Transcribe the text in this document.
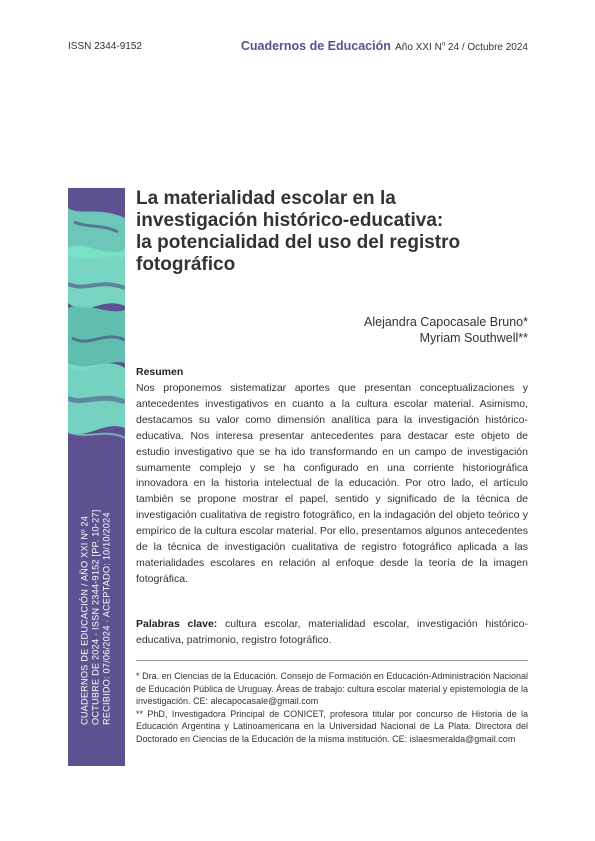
ISSN 2344-9152	Cuadernos de Educación Año XXI $N^o$ 24 / Octubre 2024
CUADERNOS DE EDUCACIÓN / AÑO XXI Nº 24 OCTUBRE DE 2024 · ISSN 2344-9152 [PP. 10-27] RECIBIDO: 07/06/2024 · ACEPTADO: 10/10/2024
La materialidad escolar en la
investigación histórico-educativa:
la potencialidad del uso del registro
fotográfico
Alejandra Capocasale Bruno*
Myriam Southwell**
Resumen

Nos proponemos sistematizar aportes que presentan conceptualizaciones y antecedentes investigativos en cuanto a la cultura escolar material. Asimismo, destacamos su valor como dimensión analítica para la investigación histórico-educativa. Nos interesa presentar antecedentes para destacar este objeto de estudio investigativo que se ha ido transformando en un campo de investigación sumamente complejo y se ha configurado en una corriente historiográfica innovadora en la historia intelectual de la educación. Por otro lado, el artículo también se propone mostrar el papel, sentido y significado de la técnica de investigación cualitativa de registro fotográfico, en la indagación del objeto teórico y empírico de la cultura escolar material. Por ello, presentamos algunos antecedentes de la técnica de investigación cualitativa de registro fotográfico aplicada a las materialidades escolares en relación al enfoque desde la teoría de la imagen fotográfica.

Palabras clave: cultura escolar, materialidad escolar, investigación histórico-educativa, patrimonio, registro fotográfico.

* Dra. en Ciencias de la Educación. Consejo de Formación en Educación-Administración Nacional de Educación Pública de Uruguay. Áreas de trabajo: cultura escolar material y epistemología de la investigación. CE: alecapocasale@gmail.com

** PhD, Investigadora Principal de CONICET, profesora titular por concurso de Historia de la Educación Argentina y Latinoamericana en la Universidad Nacional de La Plata. Directora del Doctorado en Ciencias de la Educación de la misma institución. CE: islaesmeralda@gmail.com
